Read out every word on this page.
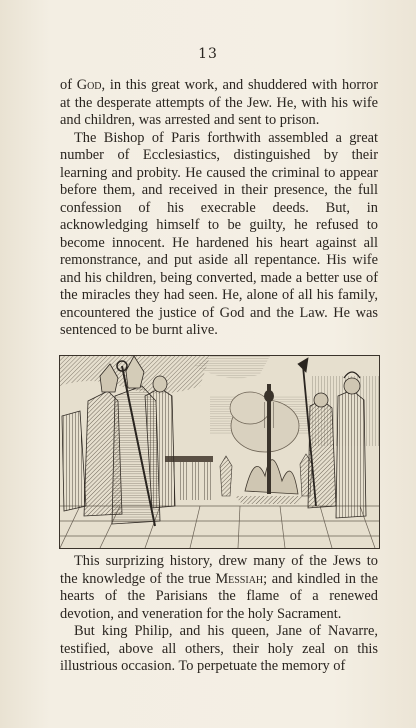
13

of God, in this great work, and shuddered with horror at the desperate attempts of the Jew. He, with his wife and children, was arrested and sent to prison.

The Bishop of Paris forthwith assembled a great number of Ecclesiastics, distinguished by their learning and probity. He caused the criminal to appear before them, and received in their presence, the full confession of his execrable deeds. But, in acknowledging himself to be guilty, he refused to become innocent. He hardened his heart against all remonstrance, and put aside all repentance. His wife and his children, being converted, made a better use of the miracles they had seen. He, alone of all his family, encountered the justice of God and the Law. He was sentenced to be burnt alive.

This surprizing history, drew many of the Jews to the knowledge of the true Messiah; and kindled in the hearts of the Parisians the flame of a renewed devotion, and veneration for the holy Sacrament.

But king Philip, and his queen, Jane of Navarre, testified, above all others, their holy zeal on this illustrious occasion. To perpetuate the memory of
